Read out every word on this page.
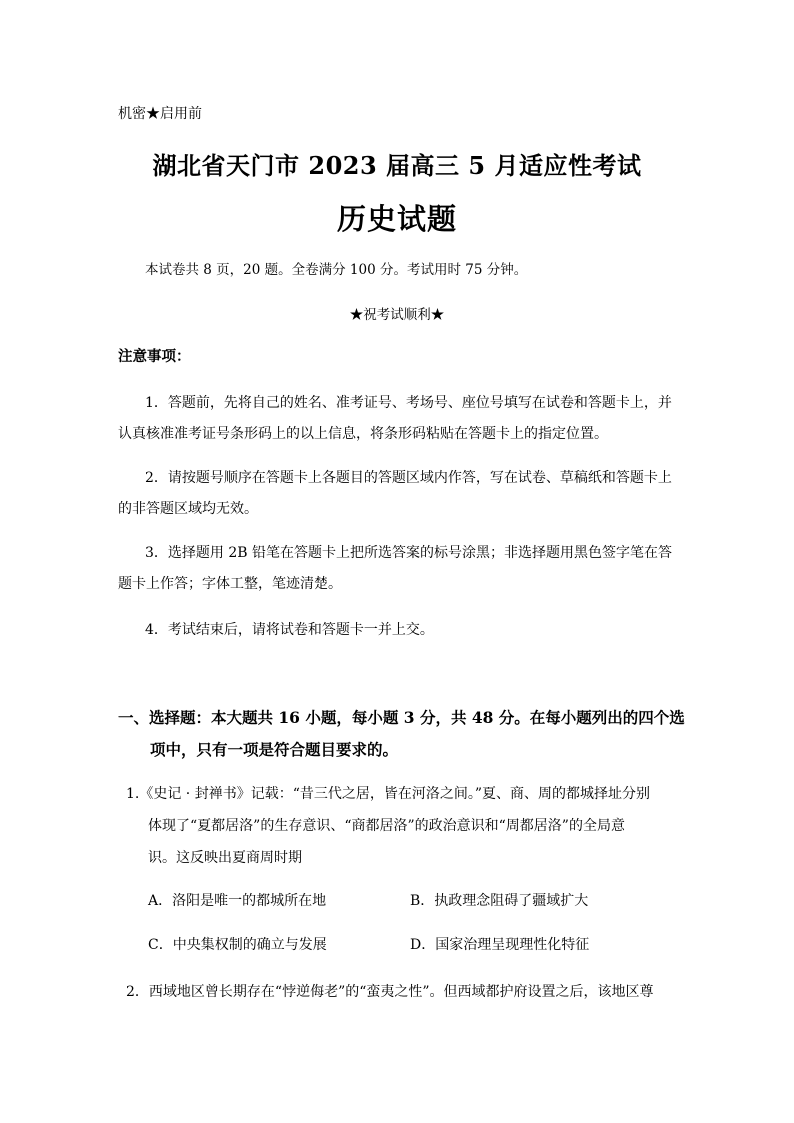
机密★启用前
湖北省天门市 2023 届高三 5 月适应性考试
历史试题
本试卷共 8 页，20 题。全卷满分 100 分。考试用时 75 分钟。
★祝考试顺利★
注意事项：
1．答题前，先将自己的姓名、准考证号、考场号、座位号填写在试卷和答题卡上，并
认真核准准考证号条形码上的以上信息，将条形码粘贴在答题卡上的指定位置。
2．请按题号顺序在答题卡上各题目的答题区域内作答，写在试卷、草稿纸和答题卡上
的非答题区域均无效。
3．选择题用 2B 铅笔在答题卡上把所选答案的标号涂黑；非选择题用黑色签字笔在答
题卡上作答；字体工整，笔迹清楚。
4．考试结束后，请将试卷和答题卡一并上交。
一、选择题：本大题共 16 小题，每小题 3 分，共 48 分。在每小题列出的四个选
项中，只有一项是符合题目要求的。
1.《史记 · 封禅书》记载：“昔三代之居，皆在河洛之间。”夏、商、周的都城择址分别
体现了“夏都居洛”的生存意识、“商都居洛”的政治意识和“周都居洛”的全局意
识。这反映出夏商周时期
A．洛阳是唯一的都城所在地	B．执政理念阻碍了疆域扩大
C．中央集权制的确立与发展	D．国家治理呈现理性化特征
2．西域地区曾长期存在“悖逆侮老”的“蛮夷之性”。但西域都护府设置之后，该地区尊
